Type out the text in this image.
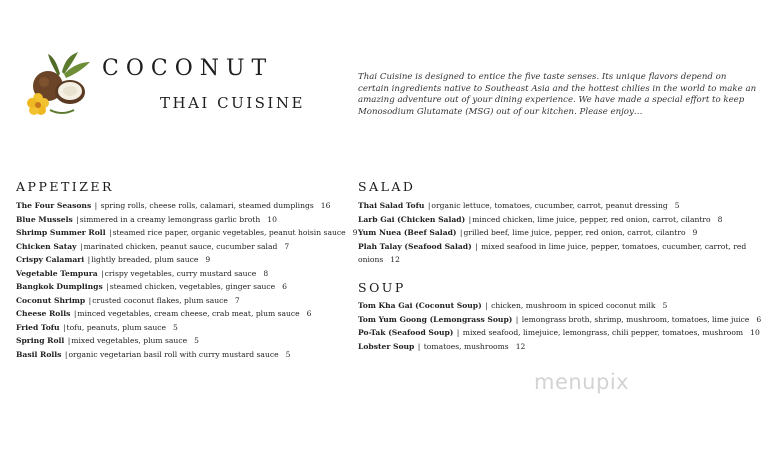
COCONUT
THAI CUISINE
Thai Cuisine is designed to entice the five taste senses. Its unique flavors depend on certain ingredients native to Southeast Asia and the hottest chilies in the world to make an amazing adventure out of your dining experience. We have made a special effort to keep Monosodium Glutamate (MSG) out of our kitchen. Please enjoy…
APPETIZER
The Four Seasons | spring rolls, cheese rolls, calamari, steamed dumplings 16
Blue Mussels |simmered in a creamy lemongrass garlic broth 10
Shrimp Summer Roll |steamed rice paper, organic vegetables, peanut hoisin sauce 9
Chicken Satay |marinated chicken, peanut sauce, cucumber salad 7
Crispy Calamari |lightly breaded, plum sauce 9
Vegetable Tempura |crispy vegetables, curry mustard sauce 8
Bangkok Dumplings |steamed chicken, vegetables, ginger sauce 6
Coconut Shrimp |crusted coconut flakes, plum sauce 7
Cheese Rolls |minced vegetables, cream cheese, crab meat, plum sauce 6
Fried Tofu |tofu, peanuts, plum sauce 5
Spring Roll |mixed vegetables, plum sauce 5
Basil Rolls |organic vegetarian basil roll with curry mustard sauce 5
SALAD
Thai Salad Tofu |organic lettuce, tomatoes, cucumber, carrot, peanut dressing 5
Larb Gai (Chicken Salad) |minced chicken, lime juice, pepper, red onion, carrot, cilantro 8
Yum Nuea (Beef Salad) |grilled beef, lime juice, pepper, red onion, carrot, cilantro 9
Plah Talay (Seafood Salad) | mixed seafood in lime juice, pepper, tomatoes, cucumber, carrot, red onions 12
SOUP
Tom Kha Gai (Coconut Soup) | chicken, mushroom in spiced coconut milk 5
Tom Yum Goong (Lemongrass Soup) | lemongrass broth, shrimp, mushroom, tomatoes, lime juice 6
Po-Tak (Seafood Soup) | mixed seafood, limejuice, lemongrass, chili pepper, tomatoes, mushroom 10
Lobster Soup | tomatoes, mushrooms 12
menupix
